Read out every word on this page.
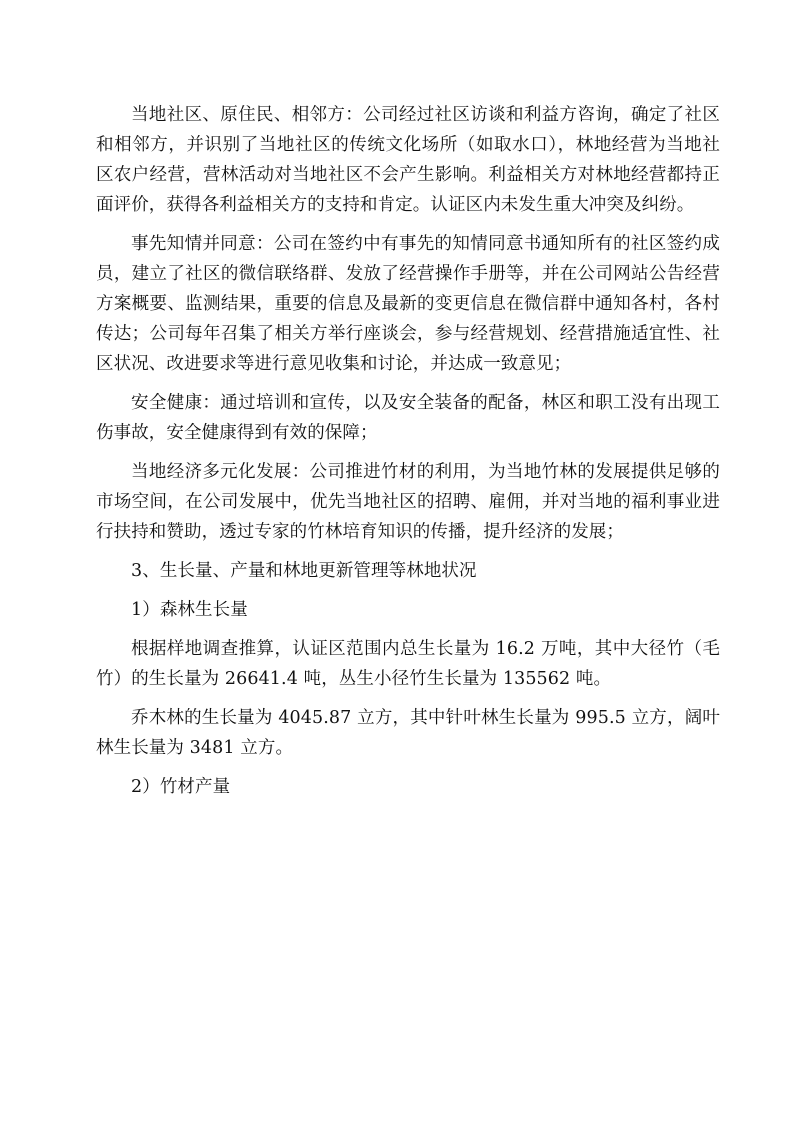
当地社区、原住民、相邻方：公司经过社区访谈和利益方咨询，确定了社区和相邻方，并识别了当地社区的传统文化场所（如取水口），林地经营为当地社区农户经营，营林活动对当地社区不会产生影响。利益相关方对林地经营都持正面评价，获得各利益相关方的支持和肯定。认证区内未发生重大冲突及纠纷。

事先知情并同意：公司在签约中有事先的知情同意书通知所有的社区签约成员，建立了社区的微信联络群、发放了经营操作手册等，并在公司网站公告经营方案概要、监测结果，重要的信息及最新的变更信息在微信群中通知各村，各村传达；公司每年召集了相关方举行座谈会，参与经营规划、经营措施适宜性、社区状况、改进要求等进行意见收集和讨论，并达成一致意见；

安全健康：通过培训和宣传，以及安全装备的配备，林区和职工没有出现工伤事故，安全健康得到有效的保障；

当地经济多元化发展：公司推进竹材的利用，为当地竹林的发展提供足够的市场空间，在公司发展中，优先当地社区的招聘、雇佣，并对当地的福利事业进行扶持和赞助，透过专家的竹林培育知识的传播，提升经济的发展；

3、生长量、产量和林地更新管理等林地状况

1）森林生长量

根据样地调查推算，认证区范围内总生长量为 16.2 万吨，其中大径竹（毛竹）的生长量为 26641.4 吨，丛生小径竹生长量为 135562 吨。

乔木林的生长量为 4045.87 立方，其中针叶林生长量为 995.5 立方，阔叶林生长量为 3481 立方。

2）竹材产量
